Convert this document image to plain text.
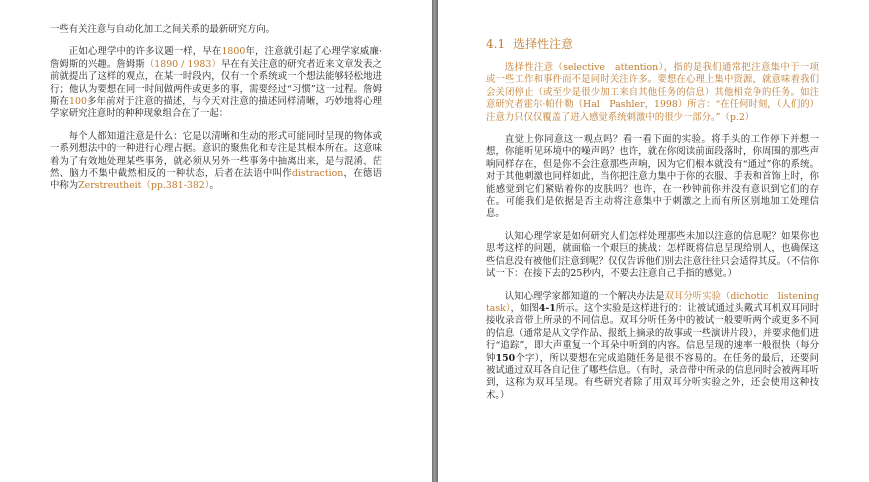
一些有关注意与自动化加工之间关系的最新研究方向。

正如心理学中的许多议题一样，早在1800年，注意就引起了心理学家威廉·詹姆斯的兴趣。詹姆斯（1890 / 1983）早在有关注意的研究者近来文章发表之前就提出了这样的观点，在某一时段内，仅有一个系统或一个想法能够轻松地进行；他认为要想在同一时间做两件或更多的事，需要经过“习惯”这一过程。詹姆斯在100多年前对于注意的描述，与今天对注意的描述同样清晰，巧妙地将心理学家研究注意时的种种现象组合在了一起：

每个人都知道注意是什么：它是以清晰和生动的形式可能同时呈现的物体或一系列想法中的一种进行心理占据。意识的聚焦化和专注是其根本所在。这意味着为了有效地处理某些事务，就必须从另外一些事务中抽离出来，是与混淆、茫然、脑力不集中截然相反的一种状态，后者在法语中叫作distraction，在德语中称为Zerstreutheit（pp.381-382）。

4.1 选择性注意

选择性注意（selective　attention），指的是我们通常把注意集中于一项或一些工作和事件而不是同时关注许多。要想在心理上集中资源，就意味着我们会关闭停止（或至少是很少加工来自其他任务的信息）其他相竞争的任务。如注意研究者霍尔·帕什勒（Hal　Pashler，1998）所言：“在任何时刻，（人们的）注意力只仅仅覆盖了进入感觉系统刺激中的很少一部分。”（p.2）

直觉上你同意这一观点吗？看一看下面的实验。将手头的工作停下并想一想，你能听见环境中的噪声吗？也许，就在你阅读前面段落时，你周围的那些声响同样存在，但是你不会注意那些声响，因为它们根本就没有“通过”你的系统。对于其他刺激也同样如此，当你把注意力集中于你的衣服、手表和首饰上时，你能感觉到它们紧贴着你的皮肤吗？也许，在一秒钟前你并没有意识到它们的存在。可能我们是依据是否主动将注意集中于刺激之上而有所区别地加工处理信息。

认知心理学家是如何研究人们怎样处理那些未加以注意的信息呢？如果你也思考这样的问题，就面临一个艰巨的挑战：怎样既将信息呈现给别人，也确保这些信息没有被他们注意到呢？仅仅告诉他们别去注意往往只会适得其反。（不信你试一下：在接下去的25秒内，不要去注意自己手指的感觉。）

认知心理学家都知道的一个解决办法是双耳分听实验（dichotic　listening　task），如图4-1所示。这个实验是这样进行的：让被试通过头戴式耳机双耳同时接收录音带上所录的不同信息。双耳分听任务中的被试一般要听两个或更多不同的信息（通常是从文学作品、报纸上摘录的故事或一些演讲片段），并要求他们进行“追踪”，即大声重复一个耳朵中听到的内容。信息呈现的速率一般很快（每分钟150个字），所以要想在完成追随任务是很不容易的。在任务的最后，还要问被试通过双耳各自记住了哪些信息。（有时，录音带中所录的信息同时会被两耳听到，这称为双耳呈现。有些研究者除了用双耳分听实验之外，还会使用这种技术。）
